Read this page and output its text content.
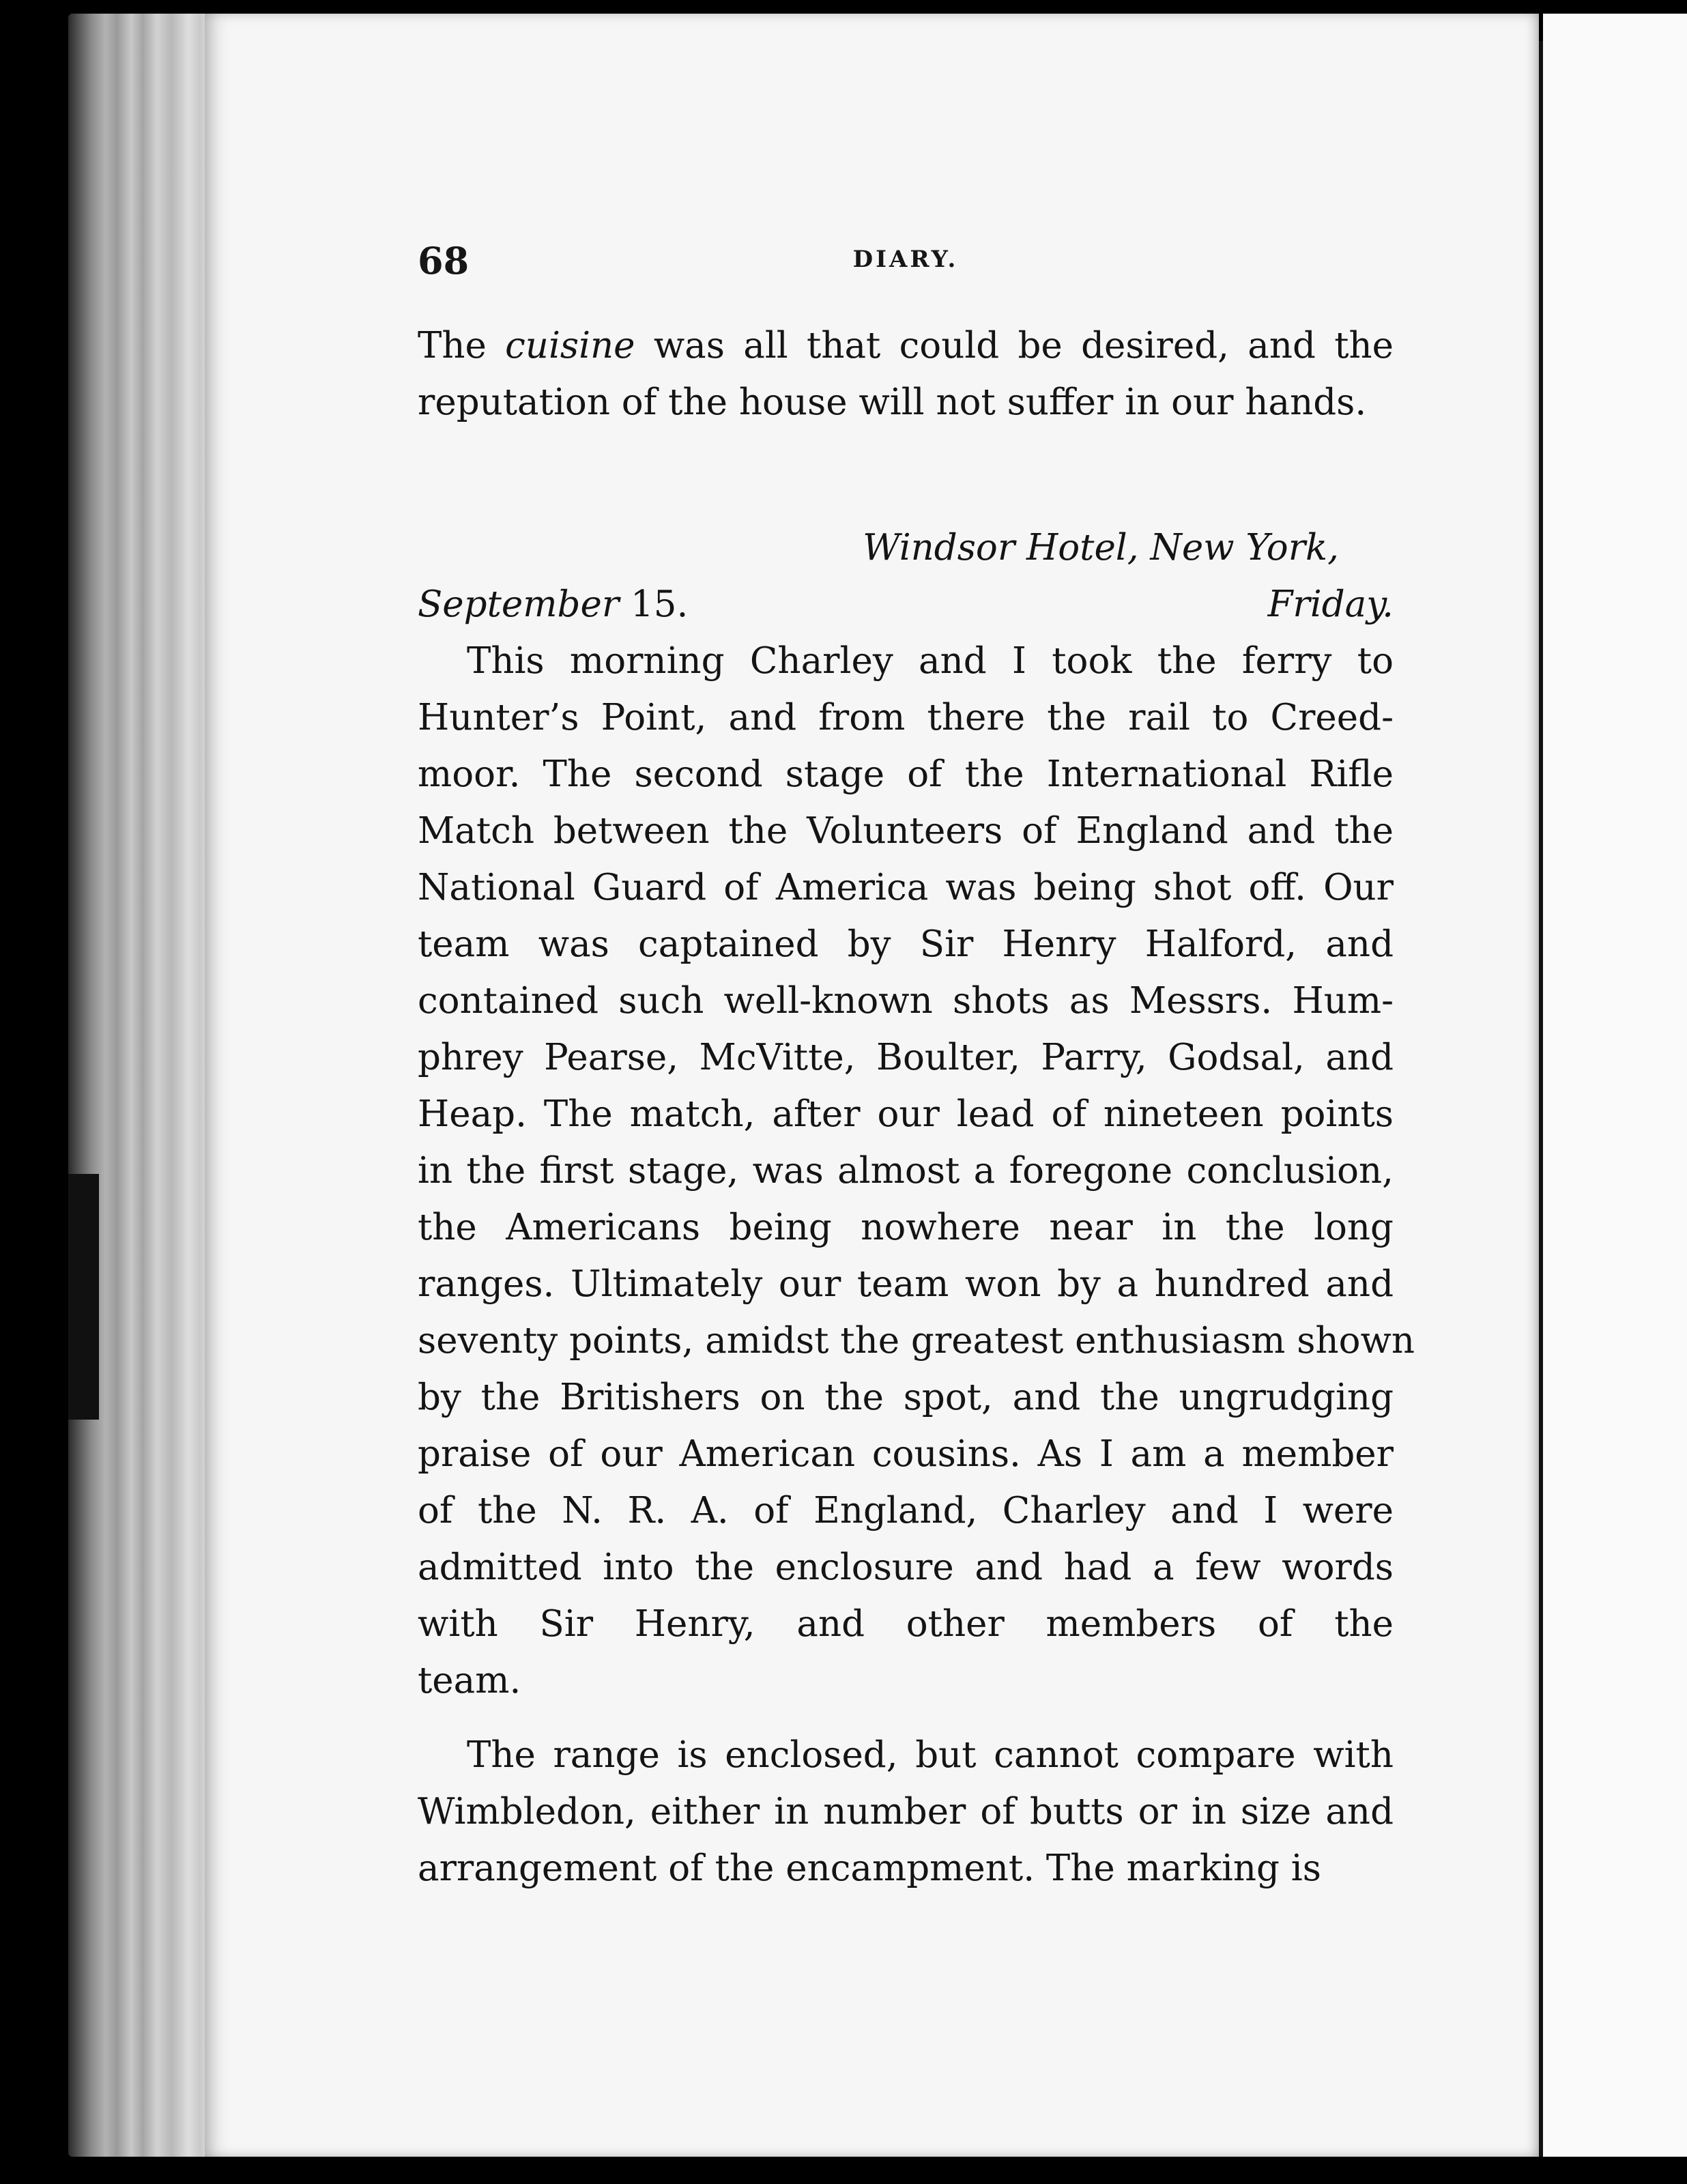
68	DIARY.
The cuisine was all that could be desired, and the
reputation of the house will not suffer in our hands.
Windsor Hotel, New York,
September 15.	Friday.
This morning Charley and I took the ferry to
Hunter’s Point, and from there the rail to Creed-
moor. The second stage of the International Rifle
Match between the Volunteers of England and the
National Guard of America was being shot off. Our
team was captained by Sir Henry Halford, and
contained such well-known shots as Messrs. Hum-
phrey Pearse, McVitte, Boulter, Parry, Godsal, and
Heap. The match, after our lead of nineteen points
in the first stage, was almost a foregone conclusion,
the Americans being nowhere near in the long
ranges. Ultimately our team won by a hundred and
seventy points, amidst the greatest enthusiasm shown
by the Britishers on the spot, and the ungrudging
praise of our American cousins. As I am a member
of the N. R. A. of England, Charley and I were
admitted into the enclosure and had a few words
with Sir Henry, and other members of the
team.
The range is enclosed, but cannot compare with
Wimbledon, either in number of butts or in size and
arrangement of the encampment. The marking is
